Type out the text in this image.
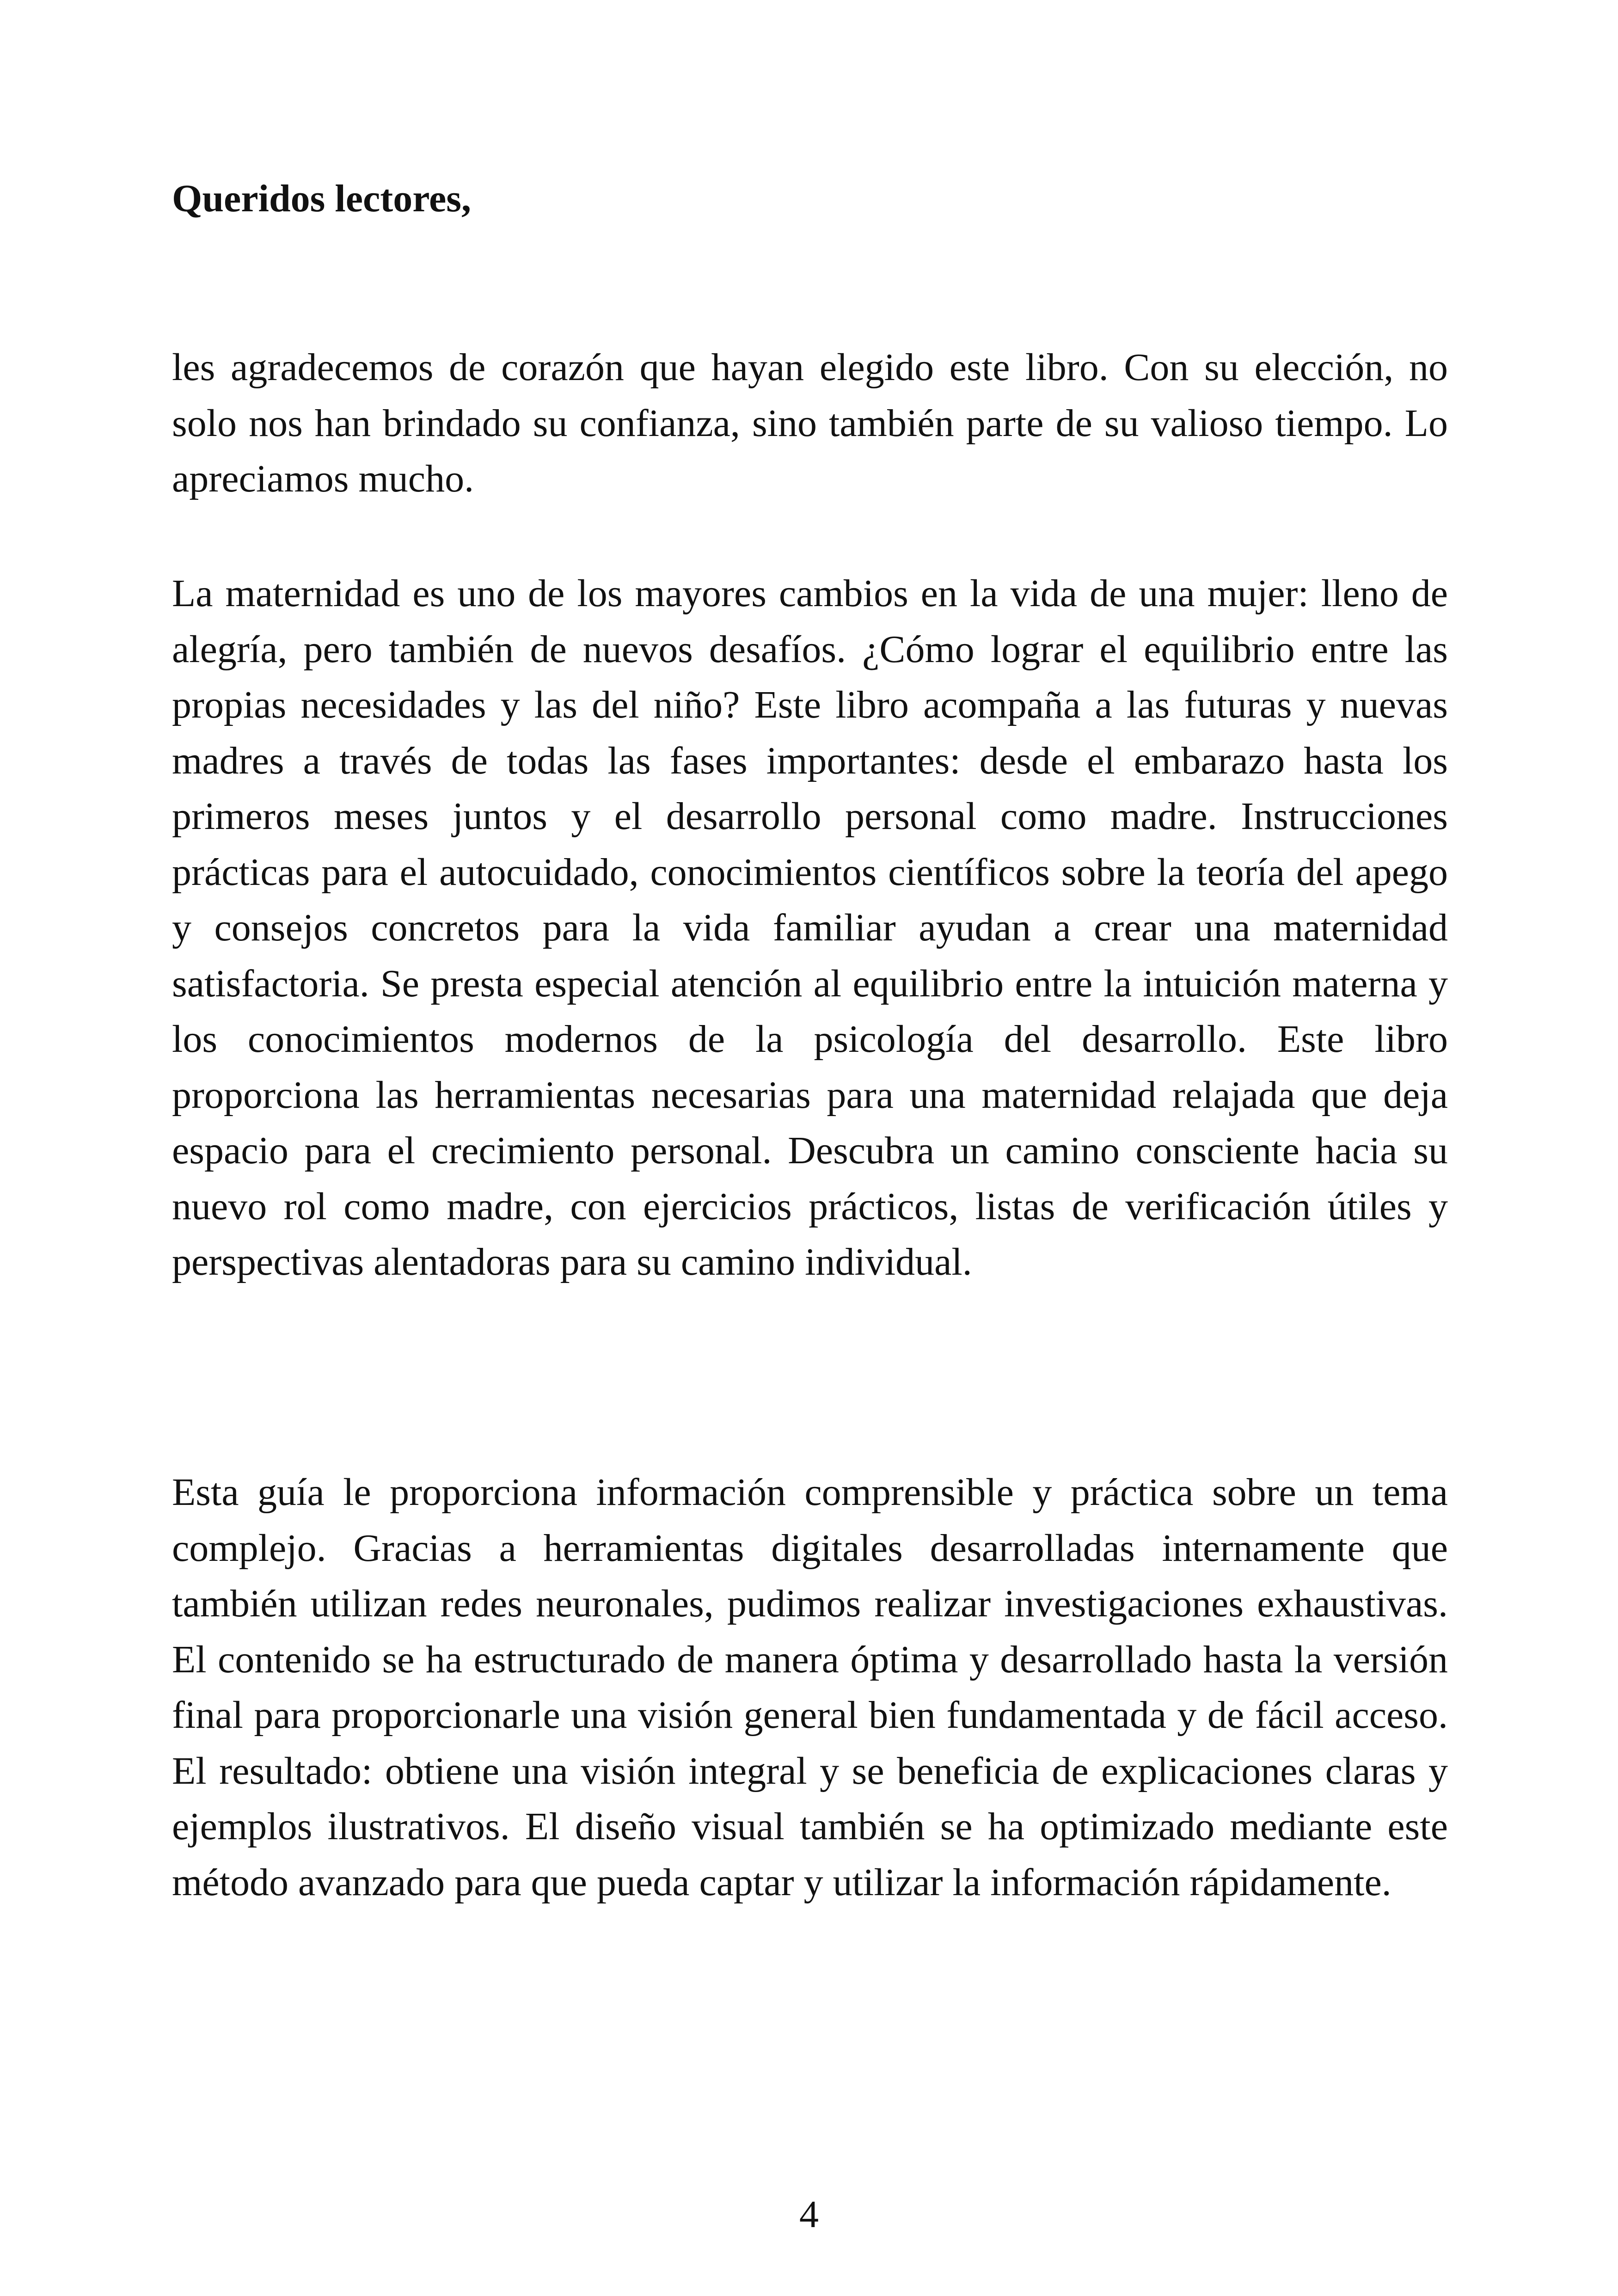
Queridos lectores,

les agradecemos de corazón que hayan elegido este libro. Con su elección, no solo nos han brindado su confianza, sino también parte de su valioso tiempo. Lo apreciamos mucho.

La maternidad es uno de los mayores cambios en la vida de una mujer: lleno de alegría, pero también de nuevos desafíos. ¿Cómo lograr el equilibrio entre las propias necesidades y las del niño? Este libro acompaña a las futuras y nuevas madres a través de todas las fases importantes: desde el embarazo hasta los primeros meses juntos y el desarrollo personal como madre. Instrucciones prácticas para el autocuidado, conocimientos científicos sobre la teoría del apego y consejos concretos para la vida familiar ayudan a crear una maternidad satisfactoria. Se presta especial atención al equilibrio entre la intuición materna y los conocimientos modernos de la psicología del desarrollo. Este libro proporciona las herramientas necesarias para una maternidad relajada que deja espacio para el crecimiento personal. Descubra un camino consciente hacia su nuevo rol como madre, con ejercicios prácticos, listas de verificación útiles y perspectivas alentadoras para su camino individual.

Esta guía le proporciona información comprensible y práctica sobre un tema complejo. Gracias a herramientas digitales desarrolladas internamente que también utilizan redes neuronales, pudimos realizar investigaciones exhaustivas. El contenido se ha estructurado de manera óptima y desarrollado hasta la versión final para proporcionarle una visión general bien fundamentada y de fácil acceso. El resultado: obtiene una visión integral y se beneficia de explicaciones claras y ejemplos ilustrativos. El diseño visual también se ha optimizado mediante este método avanzado para que pueda captar y utilizar la información rápidamente.

4
